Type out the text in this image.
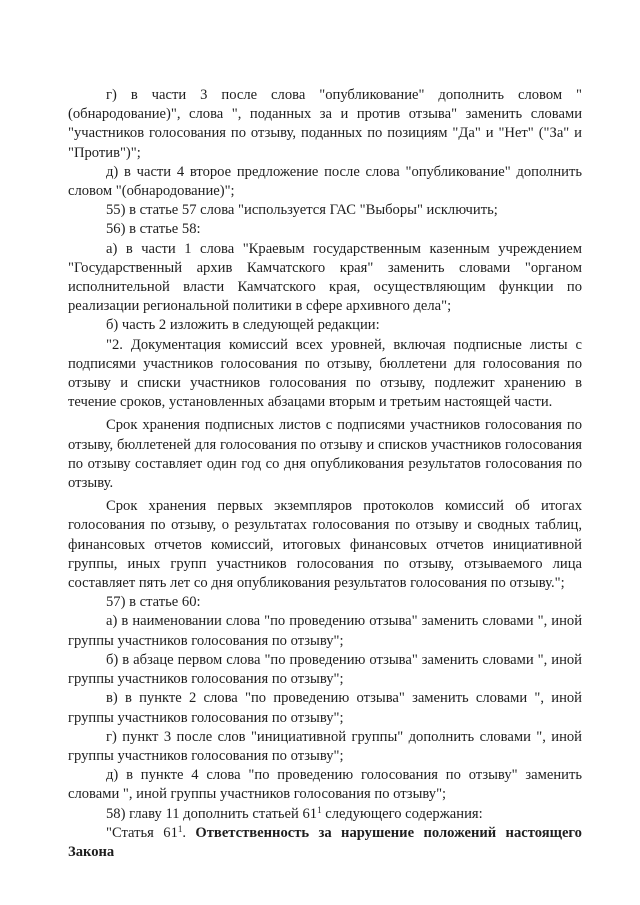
г) в части 3 после слова "опубликование" дополнить словом "(обнародование)", слова ", поданных за и против отзыва" заменить словами "участников голосования по отзыву, поданных по позициям "Да" и "Нет" ("За" и "Против")";

д) в части 4 второе предложение после слова "опубликование" дополнить словом "(обнародование)";

55) в статье 57 слова "используется ГАС "Выборы" исключить;

56) в статье 58:

а) в части 1 слова "Краевым государственным казенным учреждением "Государственный архив Камчатского края" заменить словами "органом исполнительной власти Камчатского края, осуществляющим функции по реализации региональной политики в сфере архивного дела";

б) часть 2 изложить в следующей редакции:

"2. Документация комиссий всех уровней, включая подписные листы с подписями участников голосования по отзыву, бюллетени для голосования по отзыву и списки участников голосования по отзыву, подлежит хранению в течение сроков, установленных абзацами вторым и третьим настоящей части.

Срок хранения подписных листов с подписями участников голосования по отзыву, бюллетеней для голосования по отзыву и списков участников голосования по отзыву составляет один год со дня опубликования результатов голосования по отзыву.

Срок хранения первых экземпляров протоколов комиссий об итогах голосования по отзыву, о результатах голосования по отзыву и сводных таблиц, финансовых отчетов комиссий, итоговых финансовых отчетов инициативной группы, иных групп участников голосования по отзыву, отзываемого лица составляет пять лет со дня опубликования результатов голосования по отзыву.";

57) в статье 60:

а) в наименовании слова "по проведению отзыва" заменить словами ", иной группы участников голосования по отзыву";

б) в абзаце первом слова "по проведению отзыва" заменить словами ", иной группы участников голосования по отзыву";

в) в пункте 2 слова "по проведению отзыва" заменить словами ", иной группы участников голосования по отзыву";

г) пункт 3 после слов "инициативной группы" дополнить словами ", иной группы участников голосования по отзыву";

д) в пункте 4 слова "по проведению голосования по отзыву" заменить словами ", иной группы участников голосования по отзыву";

58) главу 11 дополнить статьей $61^1$ следующего содержания:

"Статья $61^1$. Ответственность за нарушение положений настоящего Закона
